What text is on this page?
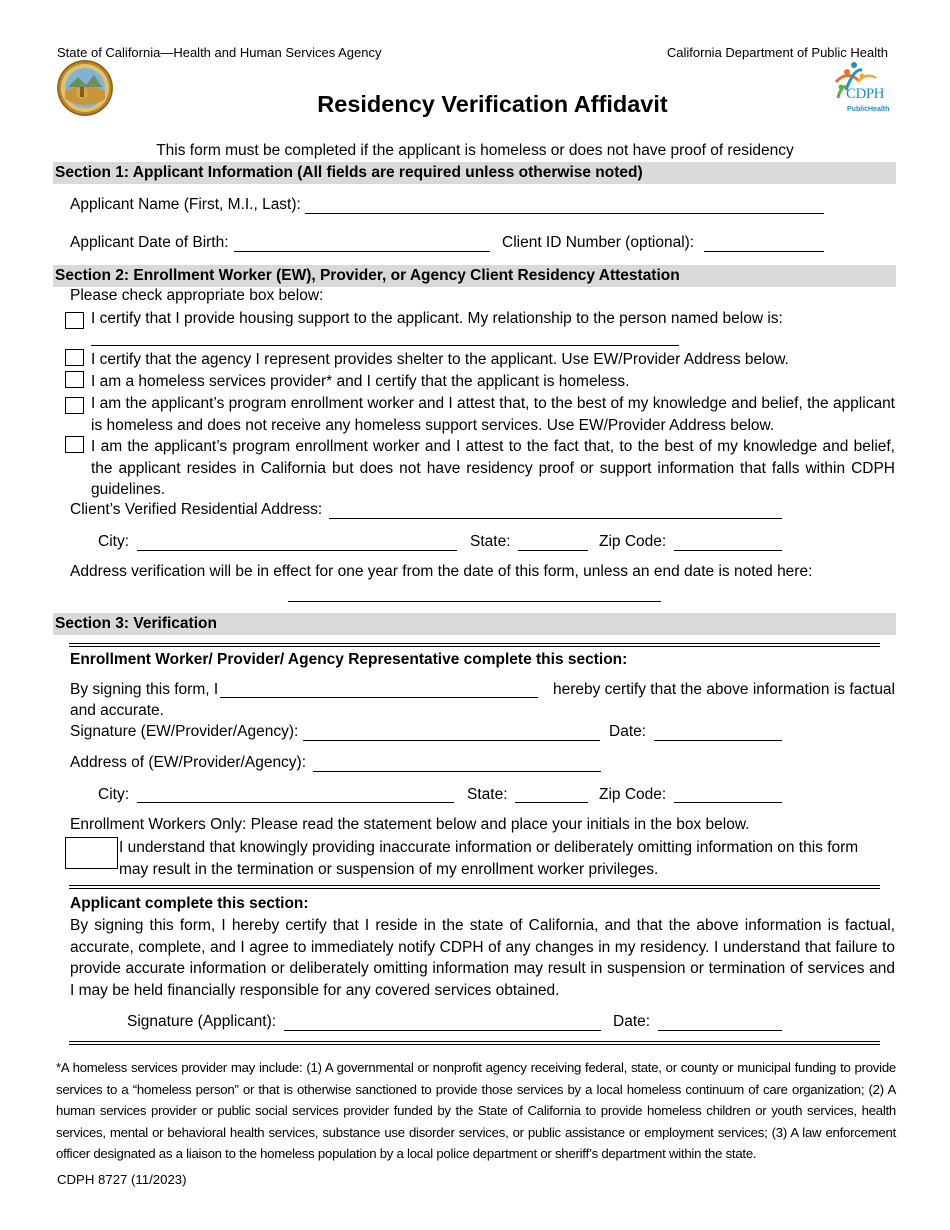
State of California—Health and Human Services Agency	California Department of Public Health
Residency Verification Affidavit	CDPH
PublicHealth
This form must be completed if the applicant is homeless or does not have proof of residency
Section 1: Applicant Information (All fields are required unless otherwise noted)
Applicant Name (First, M.I., Last):
Applicant Date of Birth:	Client ID Number (optional):
Section 2: Enrollment Worker (EW), Provider, or Agency Client Residency Attestation
Please check appropriate box below:
I certify that I provide housing support to the applicant. My relationship to the person named below is:
I certify that the agency I represent provides shelter to the applicant. Use EW/Provider Address below.
I am a homeless services provider* and I certify that the applicant is homeless.
I am the applicant’s program enrollment worker and I attest that, to the best of my knowledge and belief, the applicant is homeless and does not receive any homeless support services. Use EW/Provider Address below.
I am the applicant’s program enrollment worker and I attest to the fact that, to the best of my knowledge and belief, the applicant resides in California but does not have residency proof or support information that falls within CDPH guidelines.
Client’s Verified Residential Address:
City:	State:	Zip Code:
Address verification will be in effect for one year from the date of this form, unless an end date is noted here:
Section 3: Verification
Enrollment Worker/ Provider/ Agency Representative complete this section:
By signing this form, I	hereby certify that the above information is factual
and accurate.
Signature (EW/Provider/Agency):	Date:
Address of (EW/Provider/Agency):
City:	State:	Zip Code:
Enrollment Workers Only: Please read the statement below and place your initials in the box below.
I understand that knowingly providing inaccurate information or deliberately omitting information on this form may result in the termination or suspension of my enrollment worker privileges.
Applicant complete this section:
By signing this form, I hereby certify that I reside in the state of California, and that the above information is factual, accurate, complete, and I agree to immediately notify CDPH of any changes in my residency. I understand that failure to provide accurate information or deliberately omitting information may result in suspension or termination of services and I may be held financially responsible for any covered services obtained.
Signature (Applicant):	Date:
*A homeless services provider may include: (1) A governmental or nonprofit agency receiving federal, state, or county or municipal funding to provide services to a “homeless person” or that is otherwise sanctioned to provide those services by a local homeless continuum of care organization; (2) A human services provider or public social services provider funded by the State of California to provide homeless children or youth services, health services, mental or behavioral health services, substance use disorder services, or public assistance or employment services; (3) A law enforcement officer designated as a liaison to the homeless population by a local police department or sheriff’s department within the state.
CDPH 8727 (11/2023)
